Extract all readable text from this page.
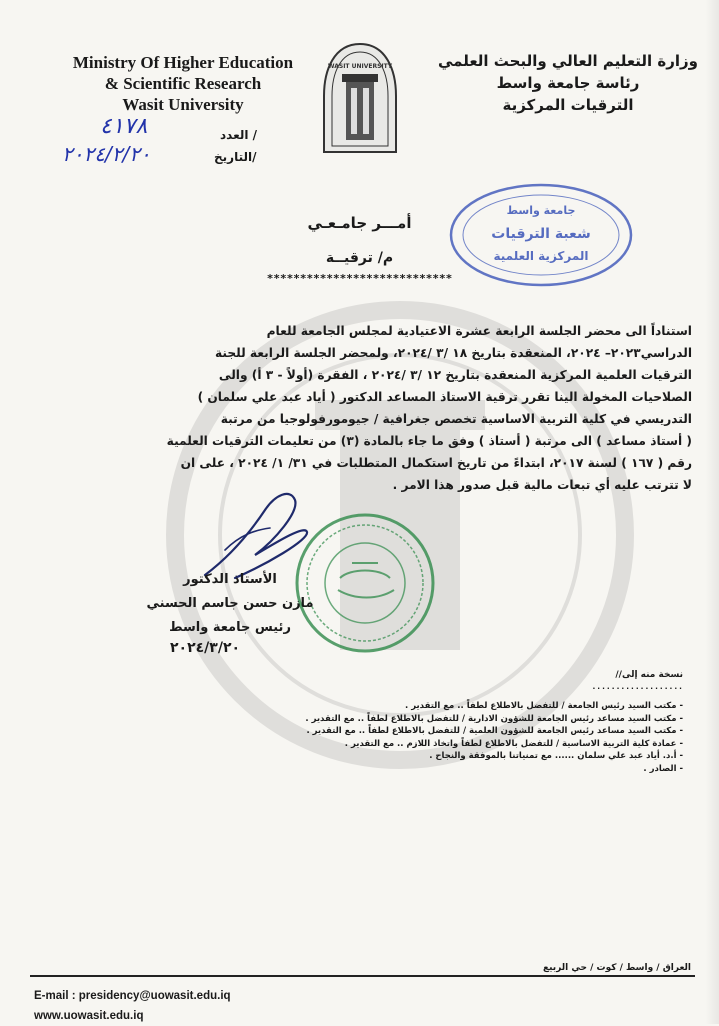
Ministry Of Higher Education
& Scientific Research
Wasit University
WASIT UNIVERSITY	وزارة التعليم العالي والبحث العلمي
رئاسة جامعة واسط
الترقيات المركزية
العدد /
٤١٧٨
التاريخ/
٢٠٢٤/٢/٢٠
جامعة واسط
شعبة الترقيات
المركزية العلمية
أمـــر جامـعـي
م/ ترقيــة
****************************
استناداً الى محضر الجلسة الرابعة عشرة الاعتيادية لمجلس الجامعة للعام
الدراسي٢٠٢٣– ٢٠٢٤، المنعقدة بتاريخ ١٨ /٣ /٢٠٢٤، ولمحضر الجلسة الرابعة للجنة
الترقيات العلمية المركزية المنعقدة بتاريخ ١٢ /٣ /٢٠٢٤ ، الفقرة (أولاً - ٣ أ) والى
الصلاحيات المخولة الينا تقرر ترقية الاستاذ المساعد الدكتور ( أياد عبد علي سلمان )
التدريسي في كلية التربية الاساسية تخصص جغرافية / جيومورفولوجيا من مرتبة
( أستاذ مساعد ) الى مرتبة ( أستاذ ) وفق ما جاء بالمادة (٣) من تعليمات الترقيات العلمية
رقم ( ١٦٧ ) لسنة ٢٠١٧، ابتداءً من تاريخ استكمال المتطلبات في ٣١/ ١/ ٢٠٢٤ ، على ان
لا تترتب عليه أي تبعات مالية قبل صدور هذا الامر .
الأستاذ الدكتور
مازن حسن جاسم الحسني
رئيس جامعة واسط
٢٠٢٤/٣/٢٠
نسخة منه إلى//
...................
- مكتب السيد رئيس الجامعة / للتفضل بالاطلاع لطفاً .. مع التقدير .
- مكتب السيد مساعد رئيس الجامعة للشؤون الادارية / للتفضل بالاطلاع لطفاً .. مع التقدير .
- مكتب السيد مساعد رئيس الجامعة للشؤون العلمية / للتفضل بالاطلاع لطفاً .. مع التقدير .
- عمادة كلية التربية الاساسية / للتفضل بالاطلاع لطفاً واتخاذ اللازم .. مع التقدير .
- أ.د. أياد عبد علي سلمان ...... مع تمنياتنا بالموفقة والنجاح .
- الصادر .
العراق / واسط / كوت / حي الربيع
E-mail : presidency@uowasit.edu.iq
www.uowasit.edu.iq
